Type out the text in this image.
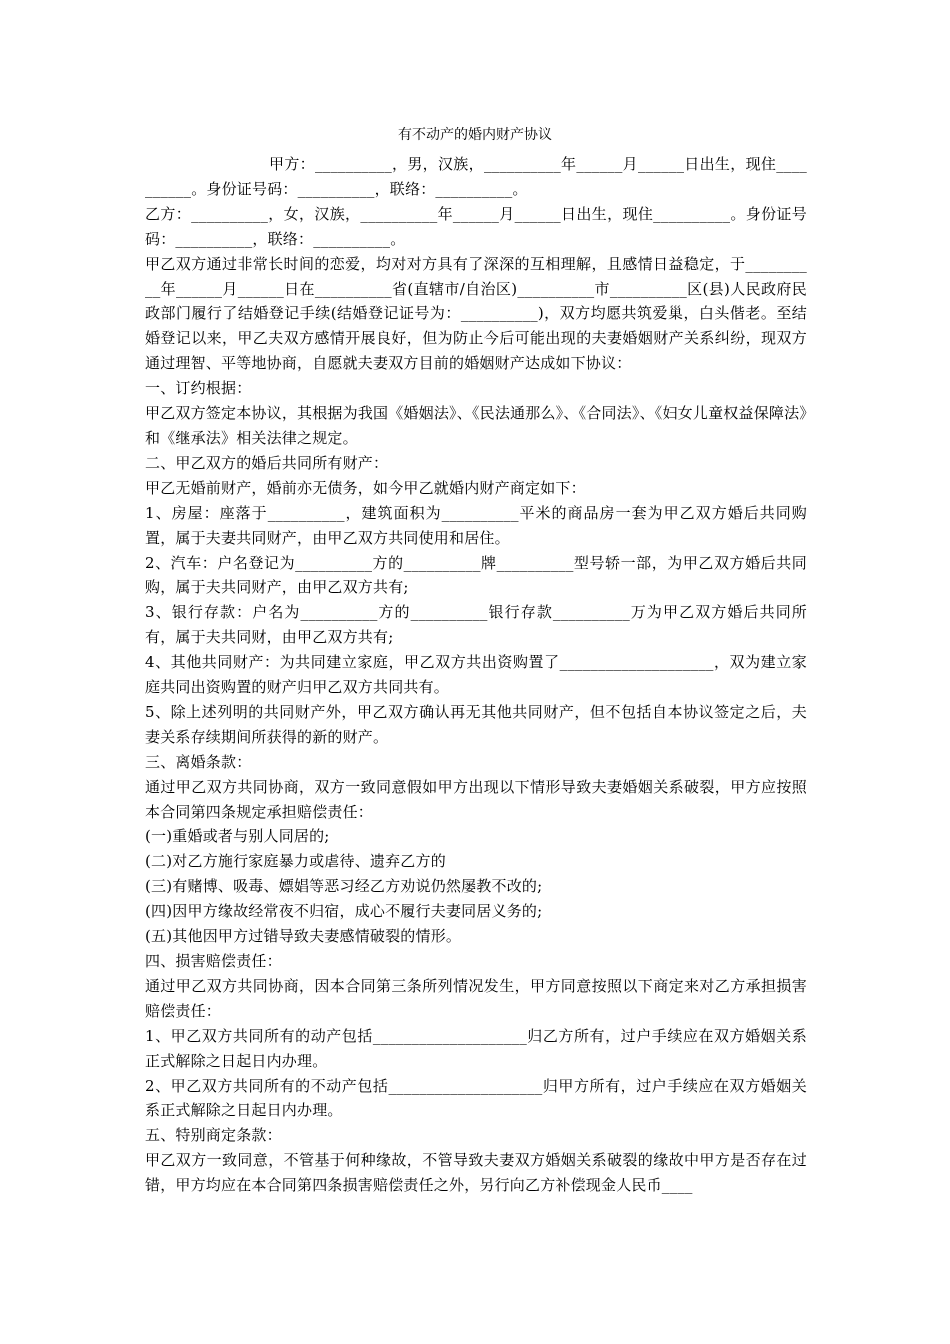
有不动产的婚内财产协议

甲方：__________，男，汉族，__________年______月______日出生，现住__________。身份证号码：__________，联络：__________。

乙方：__________，女，汉族，__________年______月______日出生，现住__________。身份证号码：__________，联络：__________。

甲乙双方通过非常长时间的恋爱，均对对方具有了深深的互相理解，且感情日益稳定，于__________年______月______日在__________省(直辖市/自治区)__________市__________区(县)人民政府民政部门履行了结婚登记手续(结婚登记证号为：__________)，双方均愿共筑爱巢，白头偕老。至结婚登记以来，甲乙夫双方感情开展良好，但为防止今后可能出现的夫妻婚姻财产关系纠纷，现双方通过理智、平等地协商，自愿就夫妻双方目前的婚姻财产达成如下协议：

一、订约根据：

甲乙双方签定本协议，其根据为我国《婚姻法》、《民法通那么》、《合同法》、《妇女儿童权益保障法》和《继承法》相关法律之规定。

二、甲乙双方的婚后共同所有财产：

甲乙无婚前财产，婚前亦无债务，如今甲乙就婚内财产商定如下：

1、房屋：座落于__________，建筑面积为__________平米的商品房一套为甲乙双方婚后共同购置，属于夫妻共同财产，由甲乙双方共同使用和居住。

2、汽车：户名登记为__________方的__________牌__________型号轿一部，为甲乙双方婚后共同购，属于夫共同财产，由甲乙双方共有;

3、银行存款：户名为__________方的__________银行存款__________万为甲乙双方婚后共同所有，属于夫共同财，由甲乙双方共有;

4、其他共同财产：为共同建立家庭，甲乙双方共出资购置了____________________，双为建立家庭共同出资购置的财产归甲乙双方共同共有。

5、除上述列明的共同财产外，甲乙双方确认再无其他共同财产，但不包括自本协议签定之后，夫妻关系存续期间所获得的新的财产。

三、离婚条款：

通过甲乙双方共同协商，双方一致同意假如甲方出现以下情形导致夫妻婚姻关系破裂，甲方应按照本合同第四条规定承担赔偿责任：

(一)重婚或者与别人同居的;

(二)对乙方施行家庭暴力或虐待、遗弃乙方的

(三)有赌博、吸毒、嫖娼等恶习经乙方劝说仍然屡教不改的;

(四)因甲方缘故经常夜不归宿，成心不履行夫妻同居义务的;

(五)其他因甲方过错导致夫妻感情破裂的情形。

四、损害赔偿责任：

通过甲乙双方共同协商，因本合同第三条所列情况发生，甲方同意按照以下商定来对乙方承担损害赔偿责任：

1、甲乙双方共同所有的动产包括____________________归乙方所有，过户手续应在双方婚姻关系正式解除之日起日内办理。

2、甲乙双方共同所有的不动产包括____________________归甲方所有，过户手续应在双方婚姻关系正式解除之日起日内办理。

五、特别商定条款：

甲乙双方一致同意，不管基于何种缘故，不管导致夫妻双方婚姻关系破裂的缘故中甲方是否存在过错，甲方均应在本合同第四条损害赔偿责任之外，另行向乙方补偿现金人民币____
